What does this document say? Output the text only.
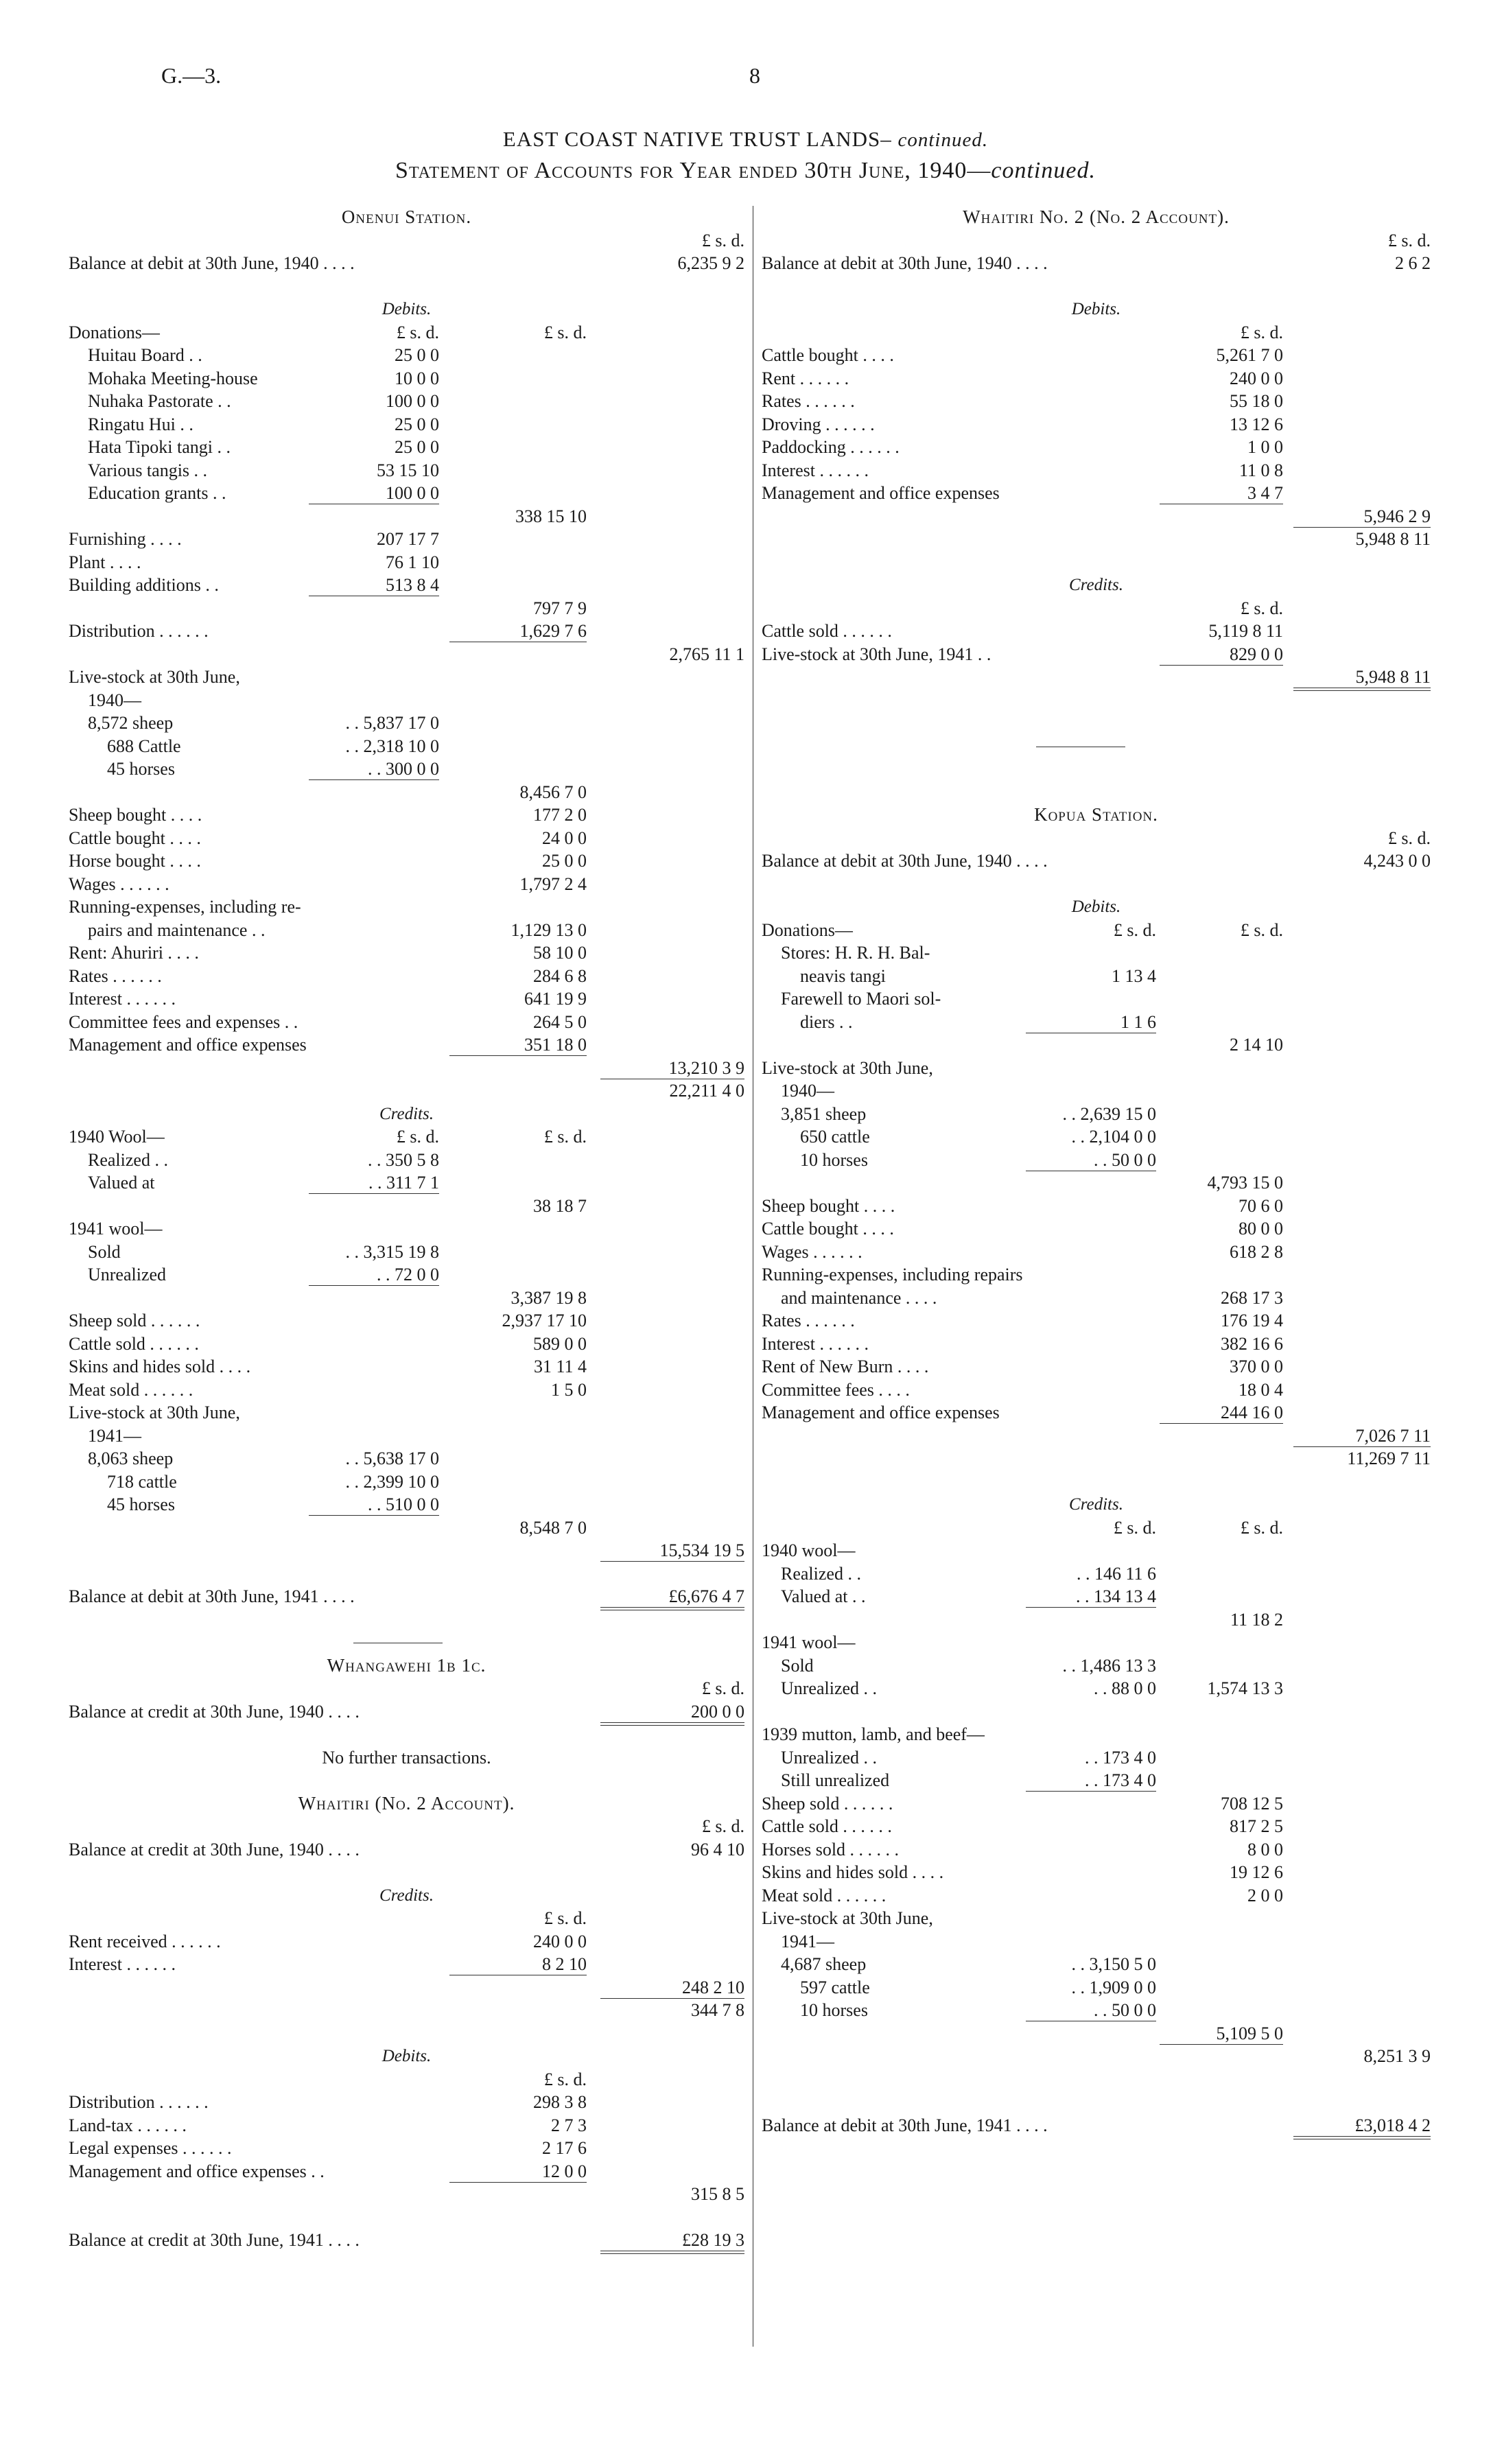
G.—3.	8
EAST COAST NATIVE TRUST LANDS– continued.
Statement of Accounts for Year ended 30th June, 1940—continued.
Onenui Station.
£ s. d.
Balance at debit at 30th June, 1940 . . . .	6,235 9 2
Debits.
Donations—	£ s. d.	£ s. d.
Huitau Board . .	25 0 0
Mohaka Meeting-house	10 0 0
Nuhaka Pastorate . .	100 0 0
Ringatu Hui . .	25 0 0
Hata Tipoki tangi . .	25 0 0
Various tangis . .	53 15 10
Education grants . .	100 0 0
338 15 10
Furnishing . . . .	207 17 7
Plant . . . .	76 1 10
Building additions . .	513 8 4
797 7 9
Distribution . . . . . .	1,629 7 6
2,765 11 1
Live-stock at 30th June,
1940—
8,572 sheep	. . 5,837 17 0
688 Cattle	. . 2,318 10 0
45 horses	. . 300 0 0
8,456 7 0
Sheep bought . . . .	177 2 0
Cattle bought . . . .	24 0 0
Horse bought . . . .	25 0 0
Wages . . . . . .	1,797 2 4
Running-expenses, including re-
pairs and maintenance . .	1,129 13 0
Rent: Ahuriri . . . .	58 10 0
Rates . . . . . .	284 6 8
Interest . . . . . .	641 19 9
Committee fees and expenses . .	264 5 0
Management and office expenses	351 18 0
13,210 3 9
22,211 4 0
Credits.
1940 Wool—	£ s. d.	£ s. d.
Realized . .	. . 350 5 8
Valued at	. . 311 7 1
38 18 7
1941 wool—
Sold	. . 3,315 19 8
Unrealized	. . 72 0 0
3,387 19 8
Sheep sold . . . . . .	2,937 17 10
Cattle sold . . . . . .	589 0 0
Skins and hides sold . . . .	31 11 4
Meat sold . . . . . .	1 5 0
Live-stock at 30th June,
1941—
8,063 sheep	. . 5,638 17 0
718 cattle	. . 2,399 10 0
45 horses	. . 510 0 0
8,548 7 0
15,534 19 5
Balance at debit at 30th June, 1941 . . . .	£6,676 4 7
Whangawehi 1b 1c.
£ s. d.
Balance at credit at 30th June, 1940 . . . .	200 0 0
No further transactions.
Whaitiri (No. 2 Account).
£ s. d.
Balance at credit at 30th June, 1940 . . . .	96 4 10
Credits.
£ s. d.
Rent received . . . . . .	240 0 0
Interest . . . . . .	8 2 10
248 2 10
344 7 8
Debits.
£ s. d.
Distribution . . . . . .	298 3 8
Land-tax . . . . . .	2 7 3
Legal expenses . . . . . .	2 17 6
Management and office expenses . .	12 0 0
315 8 5
Balance at credit at 30th June, 1941 . . . .	£28 19 3
Whaitiri No. 2 (No. 2 Account).
£ s. d.
Balance at debit at 30th June, 1940 . . . .	2 6 2
Debits.
£ s. d.
Cattle bought . . . .	5,261 7 0
Rent . . . . . .	240 0 0
Rates . . . . . .	55 18 0
Droving . . . . . .	13 12 6
Paddocking . . . . . .	1 0 0
Interest . . . . . .	11 0 8
Management and office expenses	3 4 7
5,946 2 9
5,948 8 11
Credits.
£ s. d.
Cattle sold . . . . . .	5,119 8 11
Live-stock at 30th June, 1941 . .	829 0 0
5,948 8 11
Kopua Station.
£ s. d.
Balance at debit at 30th June, 1940 . . . .	4,243 0 0
Debits.
Donations—	£ s. d.	£ s. d.
Stores: H. R. H. Bal-
neavis tangi	1 13 4
Farewell to Maori sol-
diers . .	1 1 6
2 14 10
Live-stock at 30th June,
1940—
3,851 sheep	. . 2,639 15 0
650 cattle	. . 2,104 0 0
10 horses	. . 50 0 0
4,793 15 0
Sheep bought . . . .	70 6 0
Cattle bought . . . .	80 0 0
Wages . . . . . .	618 2 8
Running-expenses, including repairs
and maintenance . . . .	268 17 3
Rates . . . . . .	176 19 4
Interest . . . . . .	382 16 6
Rent of New Burn . . . .	370 0 0
Committee fees . . . .	18 0 4
Management and office expenses	244 16 0
7,026 7 11
11,269 7 11
Credits.
£ s. d.	£ s. d.
1940 wool—
Realized . .	. . 146 11 6
Valued at . .	. . 134 13 4
11 18 2
1941 wool—
Sold	. . 1,486 13 3
Unrealized . .	. . 88 0 0	1,574 13 3
1939 mutton, lamb, and beef—
Unrealized . .	. . 173 4 0
Still unrealized	. . 173 4 0
Sheep sold . . . . . .	708 12 5
Cattle sold . . . . . .	817 2 5
Horses sold . . . . . .	8 0 0
Skins and hides sold . . . .	19 12 6
Meat sold . . . . . .	2 0 0
Live-stock at 30th June,
1941—
4,687 sheep	. . 3,150 5 0
597 cattle	. . 1,909 0 0
10 horses	. . 50 0 0
5,109 5 0
8,251 3 9
Balance at debit at 30th June, 1941 . . . .	£3,018 4 2
